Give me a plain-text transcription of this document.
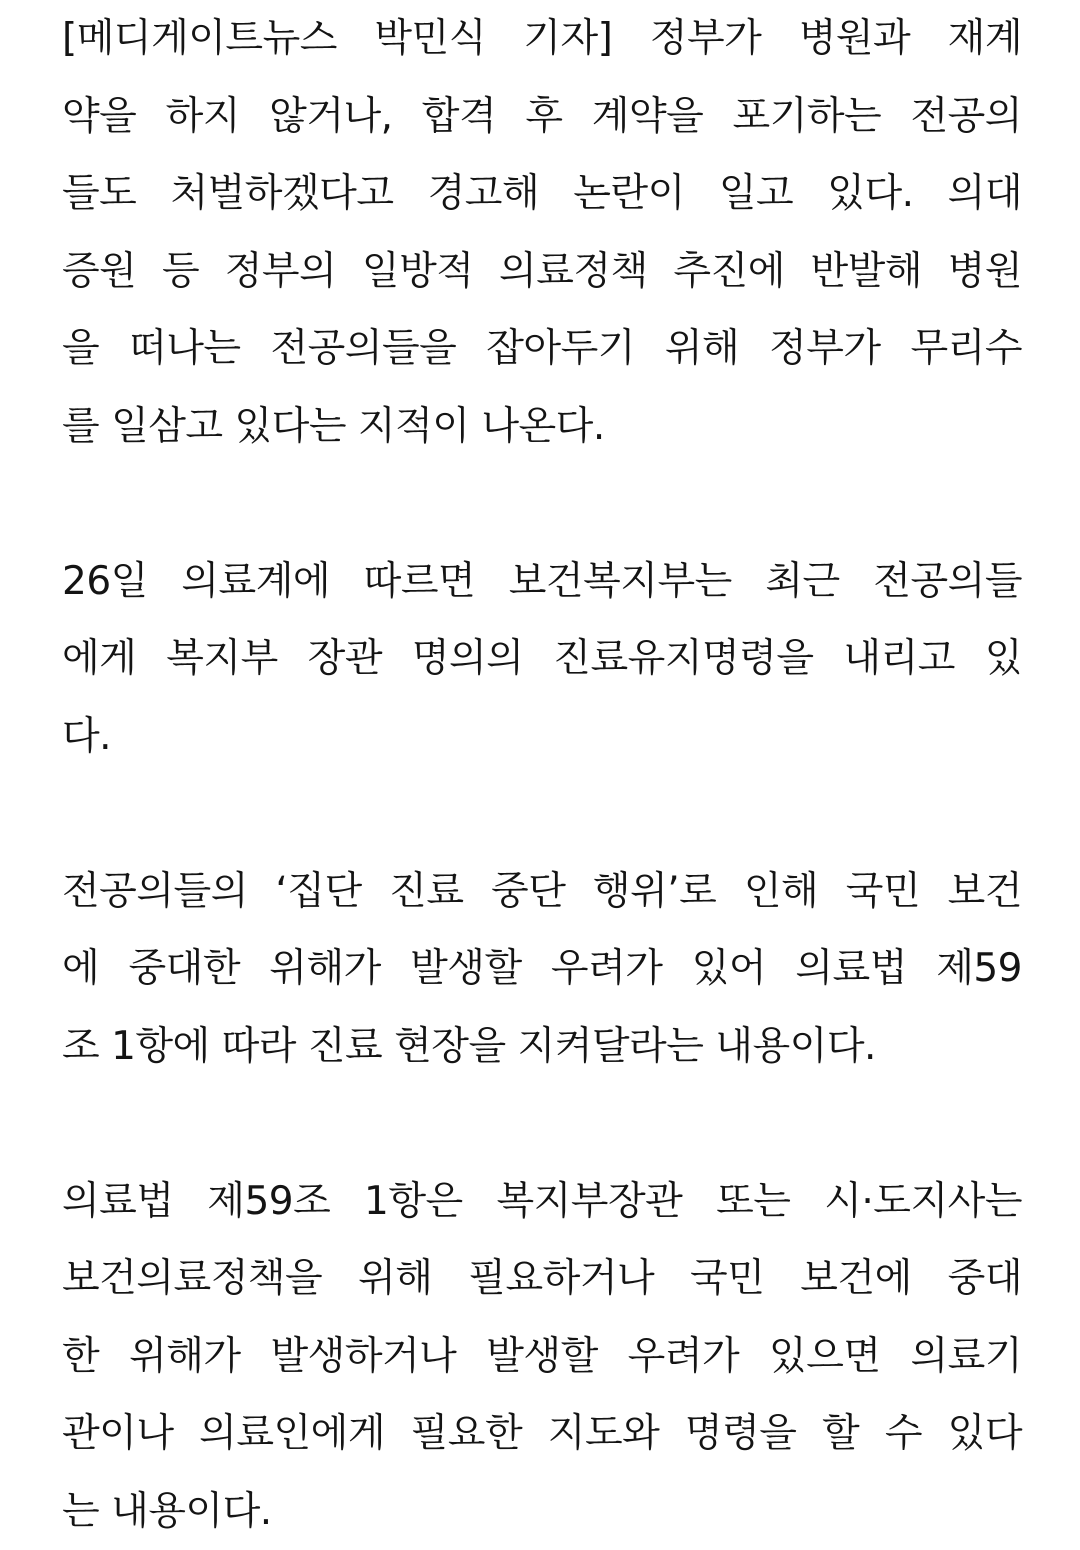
[메디게이트뉴스 박민식 기자] 정부가 병원과 재계
약을 하지 않거나, 합격 후 계약을 포기하는 전공의
들도 처벌하겠다고 경고해 논란이 일고 있다. 의대
증원 등 정부의 일방적 의료정책 추진에 반발해 병원
을 떠나는 전공의들을 잡아두기 위해 정부가 무리수
를 일삼고 있다는 지적이 나온다.

26일 의료계에 따르면 보건복지부는 최근 전공의들
에게 복지부 장관 명의의 진료유지명령을 내리고 있
다.

전공의들의 ‘집단 진료 중단 행위’로 인해 국민 보건
에 중대한 위해가 발생할 우려가 있어 의료법 제59
조 1항에 따라 진료 현장을 지켜달라는 내용이다.

의료법 제59조 1항은 복지부장관 또는 시·도지사는
보건의료정책을 위해 필요하거나 국민 보건에 중대
한 위해가 발생하거나 발생할 우려가 있으면 의료기
관이나 의료인에게 필요한 지도와 명령을 할 수 있다
는 내용이다.
